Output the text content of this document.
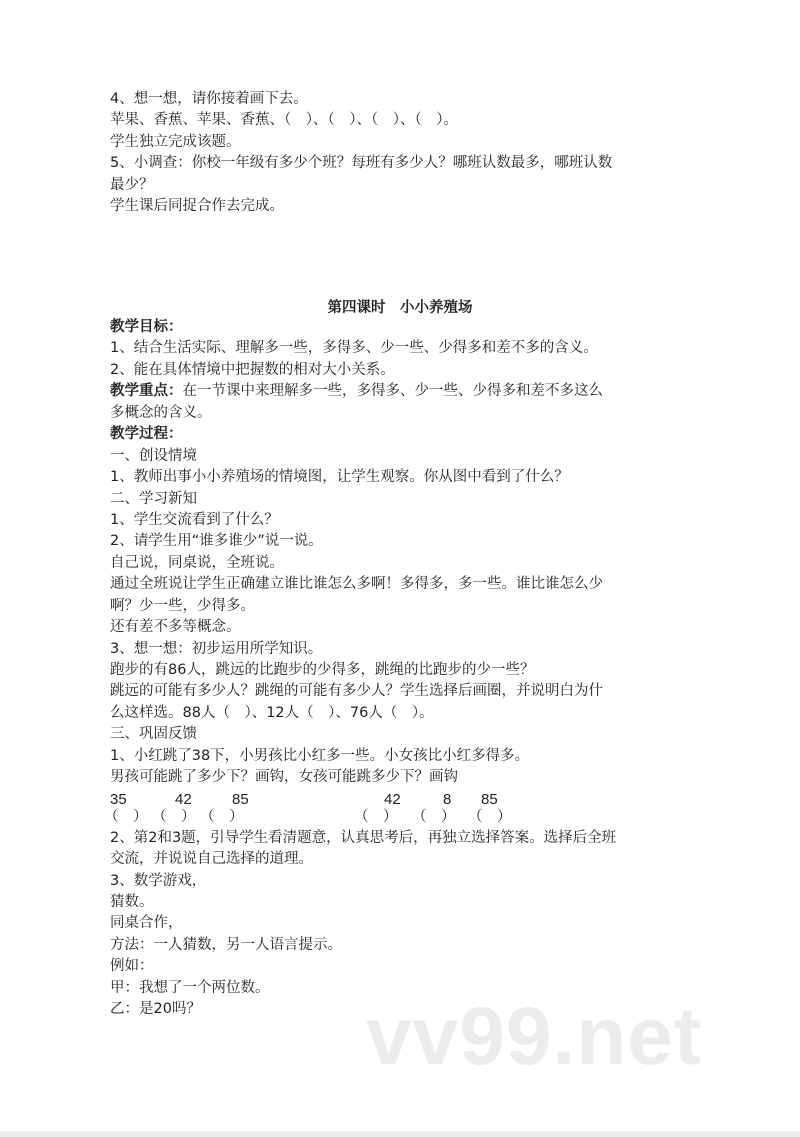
4、想一想，请你接着画下去。
苹果、香蕉、苹果、香蕉、（　）、（　）、（　）、（　）。
学生独立完成该题。
5、小调查：你校一年级有多少个班？每班有多少人？哪班认数最多，哪班认数
最少？
学生课后同捉合作去完成。
第四课时　小小养殖场
教学目标：
1、结合生活实际、理解多一些，多得多、少一些、少得多和差不多的含义。
2、能在具体情境中把握数的相对大小关系。
教学重点：在一节课中来理解多一些，多得多、少一些、少得多和差不多这么
多概念的含义。
教学过程：
一、创设情境
1、教师出事小小养殖场的情境图，让学生观察。你从图中看到了什么？
二、学习新知
1、学生交流看到了什么？
2、请学生用“谁多谁少”说一说。
自己说，同桌说，全班说。
通过全班说让学生正确建立谁比谁怎么多啊！多得多，多一些。谁比谁怎么少
啊？少一些，少得多。
还有差不多等概念。
3、想一想：初步运用所学知识。
跑步的有86人，跳远的比跑步的少得多，跳绳的比跑步的少一些？
跳远的可能有多少人？跳绳的可能有多少人？学生选择后画圈，并说明白为什
么这样选。88人（　）、12人（　）、76人（　）。
三、巩固反馈
1、小红跳了38下，小男孩比小红多一些。小女孩比小红多得多。
男孩可能跳了多少下？画钩，女孩可能跳多少下？画钩
35	42	85	42	8 85
（　） （　） （　）	（　） （　） （　）
2、第2和3题，引导学生看清题意，认真思考后，再独立选择答案。选择后全班
交流，并说说自己选择的道理。
3、数学游戏，
猜数。
同桌合作，
方法：一人猜数，另一人语言提示。
例如：
甲：我想了一个两位数。
乙：是20吗？	vv99.net
